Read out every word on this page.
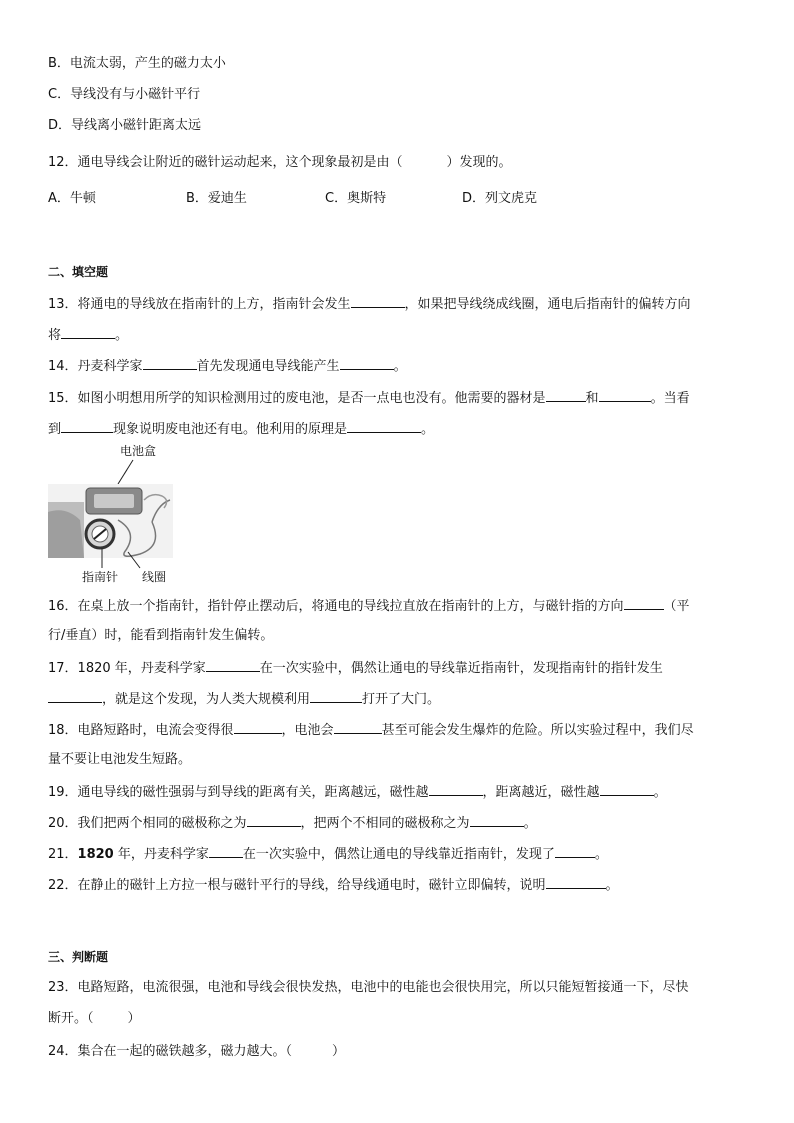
B．电流太弱，产生的磁力太小
C．导线没有与小磁针平行
D．导线离小磁针距离太远
12．通电导线会让附近的磁针运动起来，这个现象最初是由（	）发现的。
A．牛顿	B．爱迪生	C．奥斯特	D．列文虎克
二、填空题
13．将通电的导线放在指南针的上方，指南针会发生	，如果把导线绕成线圈，通电后指南针的偏转方向
将	。
14．丹麦科学家	首先发现通电导线能产生	。
15．如图小明想用所学的知识检测用过的废电池，是否一点电也没有。他需要的器材是	和	。当看
到	现象说明废电池还有电。他利用的原理是	。
电池盒
指南针 线圈
16．在桌上放一个指南针，指针停止摆动后，将通电的导线拉直放在指南针的上方，与磁针指的方向	（平
行/垂直）时，能看到指南针发生偏转。
17．1820 年，丹麦科学家	在一次实验中，偶然让通电的导线靠近指南针，发现指南针的指针发生
，就是这个发现，为人类大规模利用	打开了大门。
18．电路短路时，电流会变得很	，电池会	甚至可能会发生爆炸的危险。所以实验过程中，我们尽
量不要让电池发生短路。
19．通电导线的磁性强弱与到导线的距离有关，距离越远，磁性越	，距离越近，磁性越	。
20．我们把两个相同的磁极称之为	，把两个不相同的磁极称之为	。
21．1820 年，丹麦科学家	在一次实验中，偶然让通电的导线靠近指南针，发现了	。
22．在静止的磁针上方拉一根与磁针平行的导线，给导线通电时，磁针立即偏转，说明	。
三、判断题
23．电路短路，电流很强，电池和导线会很快发热，电池中的电能也会很快用完，所以只能短暂接通一下，尽快
断开。（	）
24．集合在一起的磁铁越多，磁力越大。（	）
